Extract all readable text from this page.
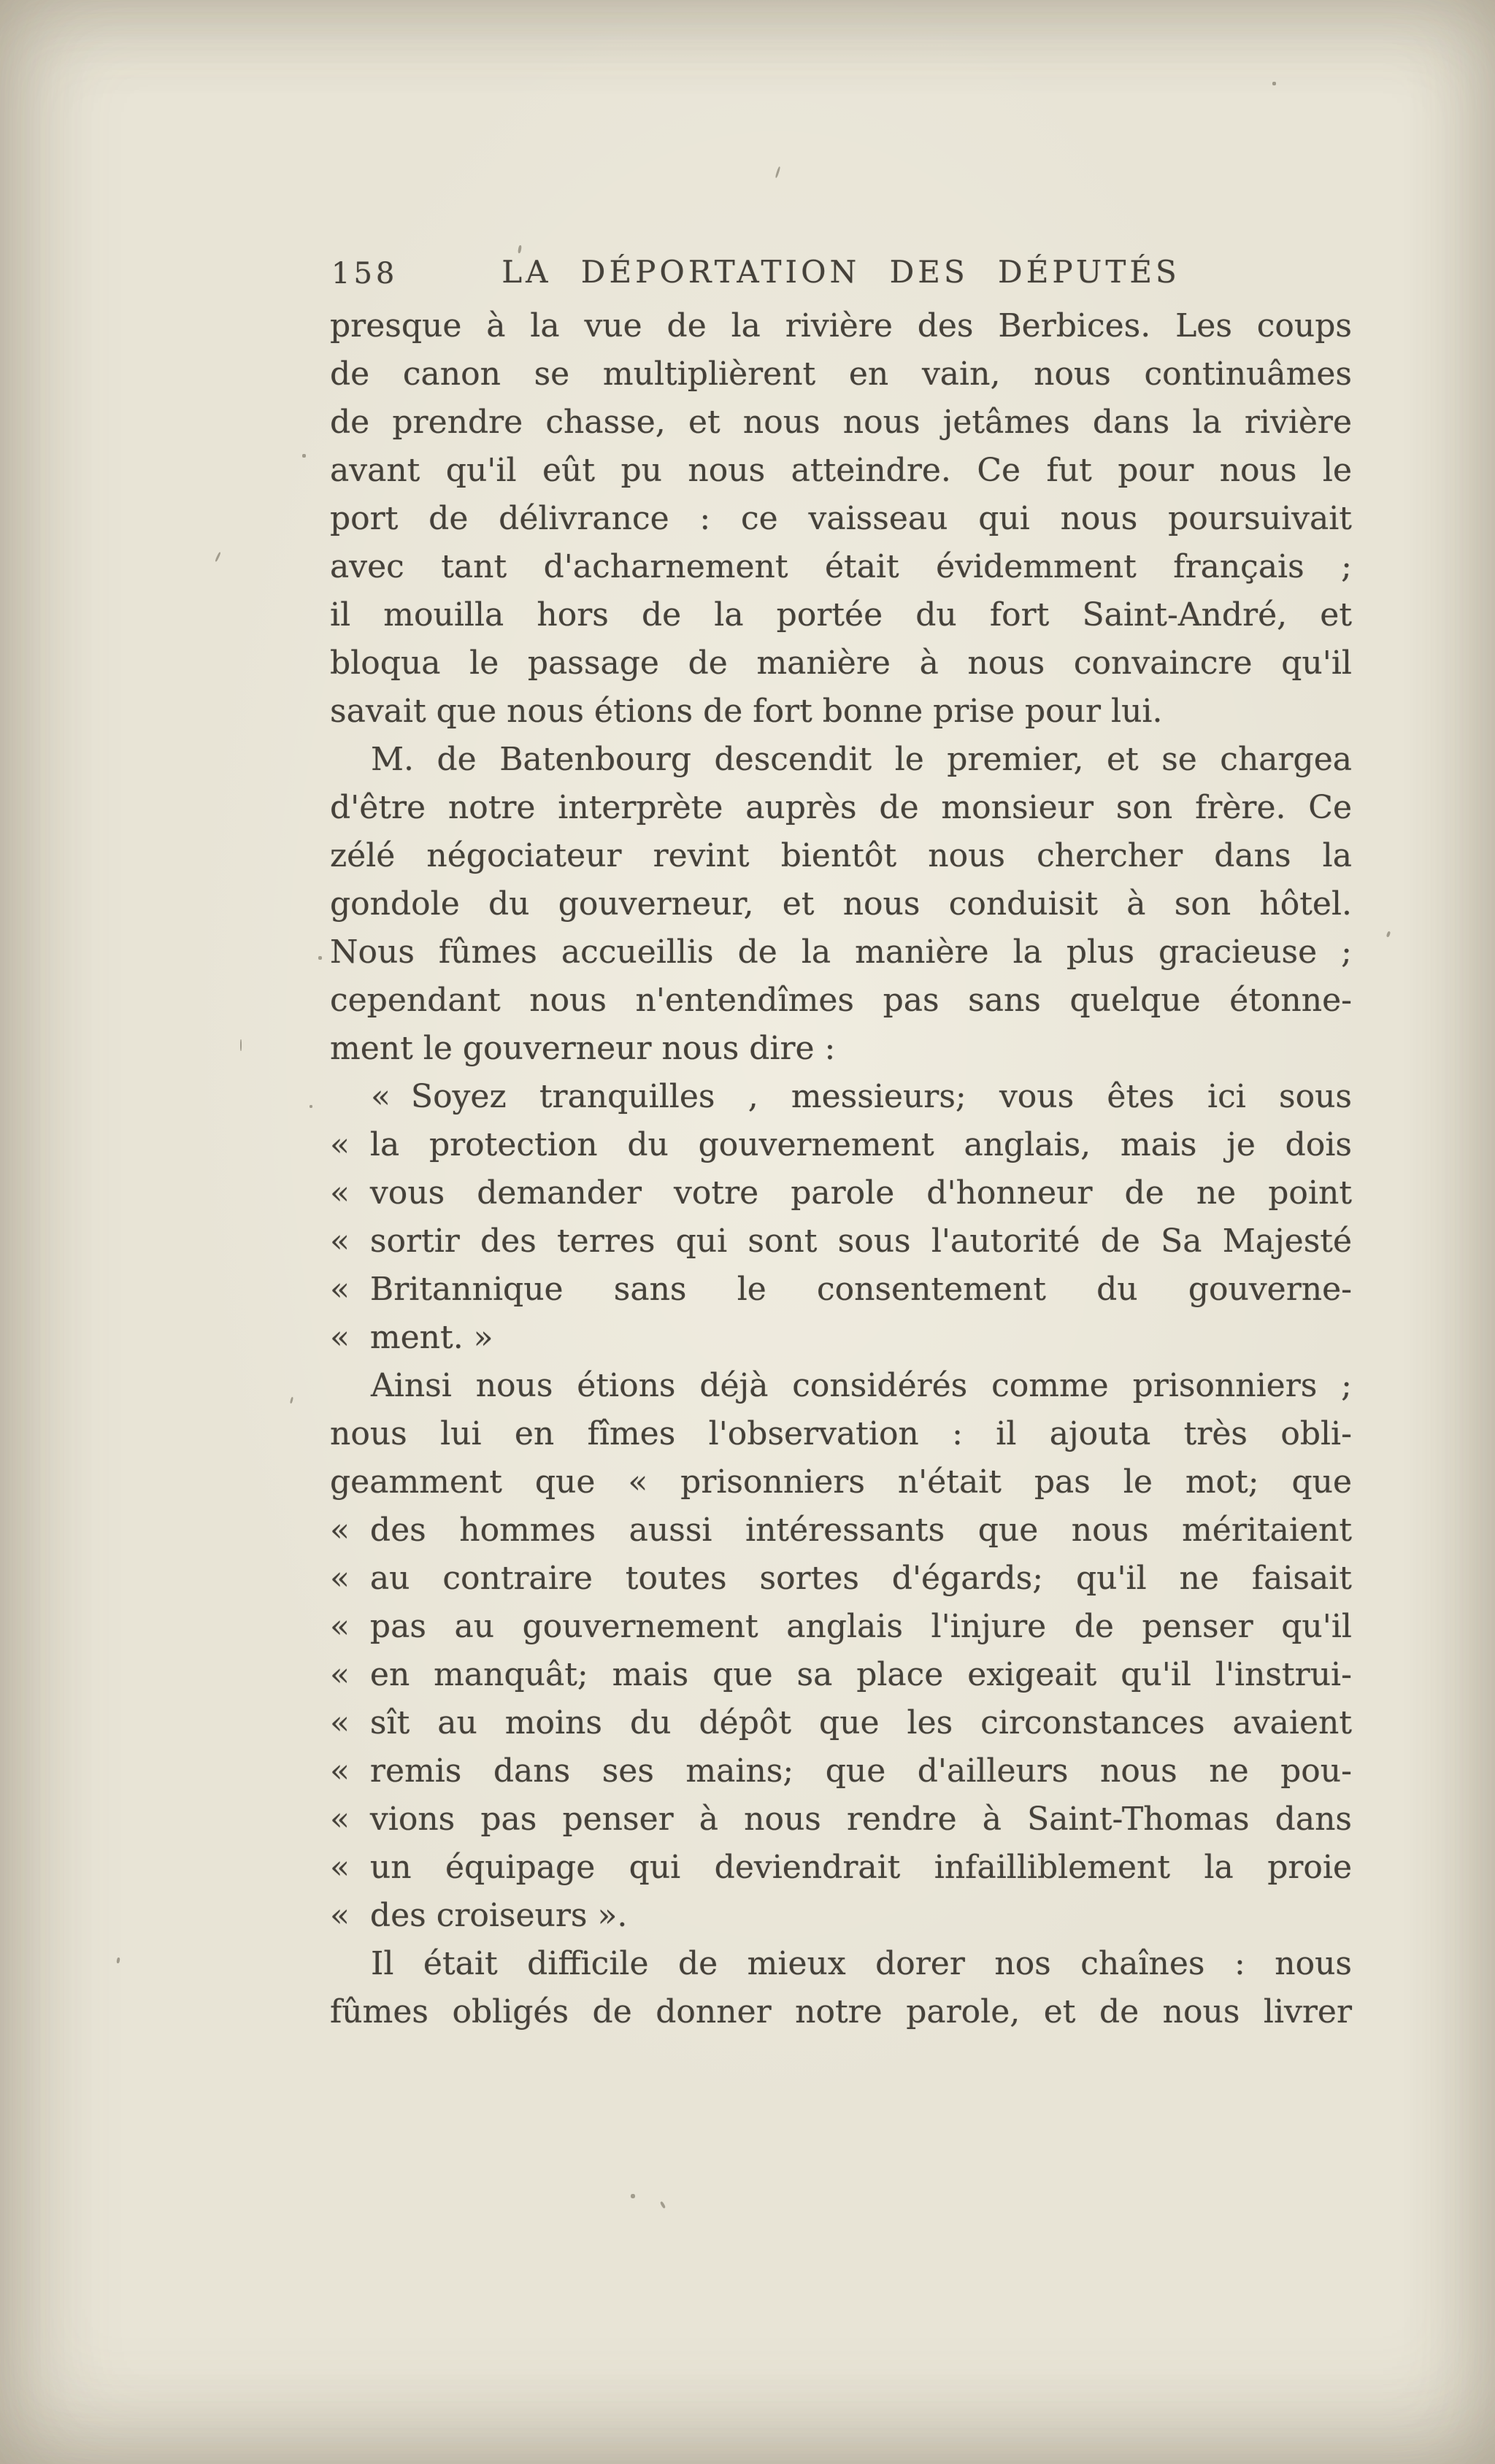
158	LA DÉPORTATION DES DÉPUTÉS
presque à la vue de la rivière des Berbices. Les coups
de canon se multiplièrent en vain, nous continuâmes
de prendre chasse, et nous nous jetâmes dans la rivière
avant qu'il eût pu nous atteindre. Ce fut pour nous le
port de délivrance : ce vaisseau qui nous poursuivait
avec tant d'acharnement était évidemment français ;
il mouilla hors de la portée du fort Saint-André, et
bloqua le passage de manière à nous convaincre qu'il
savait que nous étions de fort bonne prise pour lui.
M. de Batenbourg descendit le premier, et se chargea
d'être notre interprète auprès de monsieur son frère. Ce
zélé négociateur revint bientôt nous chercher dans la
gondole du gouverneur, et nous conduisit à son hôtel.
Nous fûmes accueillis de la manière la plus gracieuse ;
cependant nous n'entendîmes pas sans quelque étonne-
ment le gouverneur nous dire :
« Soyez tranquilles , messieurs; vous êtes ici sous
« la protection du gouvernement anglais, mais je dois
« vous demander votre parole d'honneur de ne point
« sortir des terres qui sont sous l'autorité de Sa Majesté
« Britannique sans le consentement du gouverne-
« ment. »
Ainsi nous étions déjà considérés comme prisonniers ;
nous lui en fîmes l'observation : il ajouta très obli-
geamment que « prisonniers n'était pas le mot; que
« des hommes aussi intéressants que nous méritaient
« au contraire toutes sortes d'égards; qu'il ne faisait
« pas au gouvernement anglais l'injure de penser qu'il
« en manquât; mais que sa place exigeait qu'il l'instrui-
« sît au moins du dépôt que les circonstances avaient
« remis dans ses mains; que d'ailleurs nous ne pou-
« vions pas penser à nous rendre à Saint-Thomas dans
« un équipage qui deviendrait infailliblement la proie
« des croiseurs ».
Il était difficile de mieux dorer nos chaînes : nous
fûmes obligés de donner notre parole, et de nous livrer
